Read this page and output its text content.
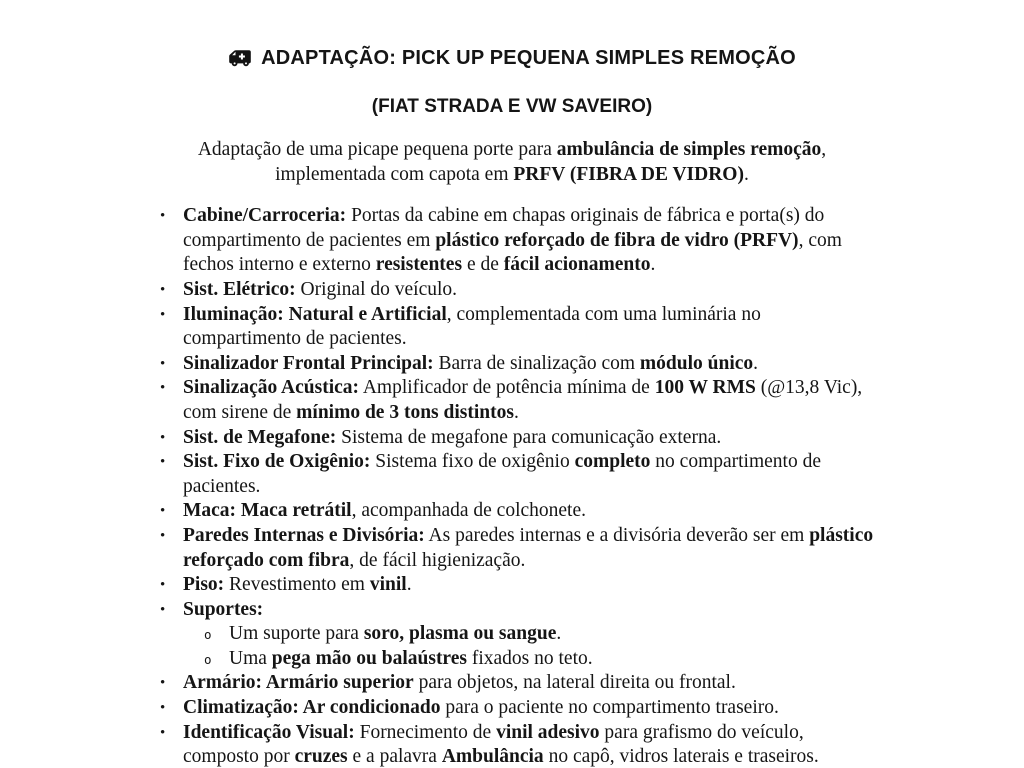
ADAPTAÇÃO: PICK UP PEQUENA SIMPLES REMOÇÃO
(FIAT STRADA E VW SAVEIRO)

Adaptação de uma picape pequena porte para ambulância de simples remoção, implementada com capota em PRFV (FIBRA DE VIDRO).

• Cabine/Carroceria: Portas da cabine em chapas originais de fábrica e porta(s) do compartimento de pacientes em plástico reforçado de fibra de vidro (PRFV), com fechos interno e externo resistentes e de fácil acionamento.
• Sist. Elétrico: Original do veículo.
• Iluminação: Natural e Artificial, complementada com uma luminária no compartimento de pacientes.
• Sinalizador Frontal Principal: Barra de sinalização com módulo único.
• Sinalização Acústica: Amplificador de potência mínima de 100 W RMS (@13,8 Vic), com sirene de mínimo de 3 tons distintos.
• Sist. de Megafone: Sistema de megafone para comunicação externa.
• Sist. Fixo de Oxigênio: Sistema fixo de oxigênio completo no compartimento de pacientes.
• Maca: Maca retrátil, acompanhada de colchonete.
• Paredes Internas e Divisória: As paredes internas e a divisória deverão ser em plástico reforçado com fibra, de fácil higienização.
• Piso: Revestimento em vinil.
• Suportes:
o Um suporte para soro, plasma ou sangue.
o Uma pega mão ou balaústres fixados no teto.
• Armário: Armário superior para objetos, na lateral direita ou frontal.
• Climatização: Ar condicionado para o paciente no compartimento traseiro.
• Identificação Visual: Fornecimento de vinil adesivo para grafismo do veículo, composto por cruzes e a palavra Ambulância no capô, vidros laterais e traseiros.
